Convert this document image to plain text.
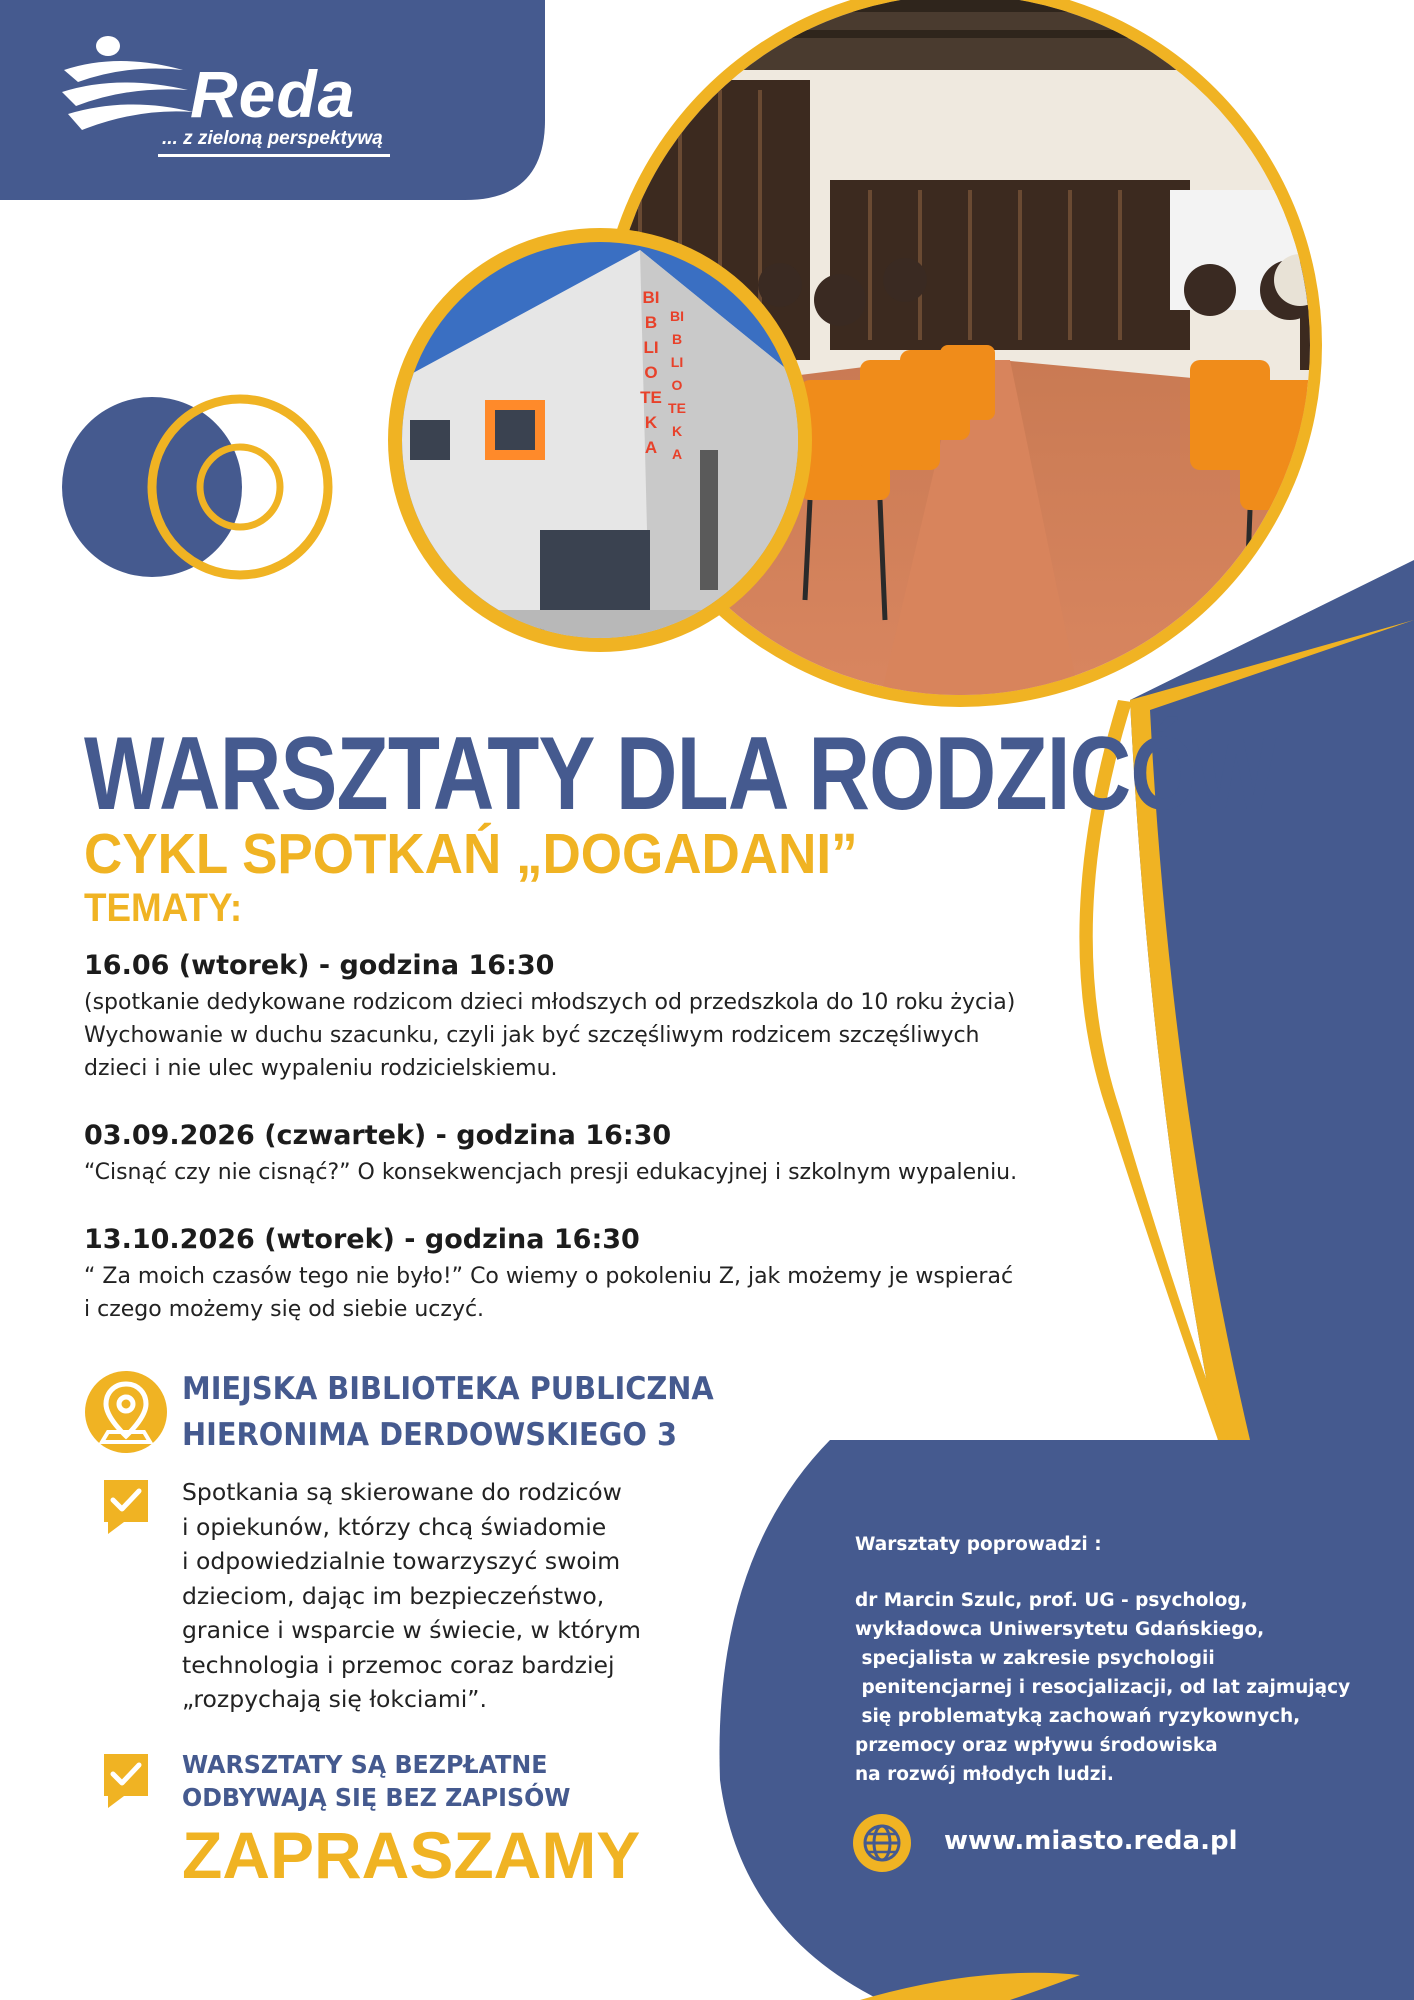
BIBLIOTEKA
BIBLIOTEKA
Reda
... z zieloną perspektywą
WARSZTATY DLA RODZICÓW
CYKL SPOTKAŃ „DOGADANI”
TEMATY:
16.06 (wtorek) - godzina 16:30
(spotkanie dedykowane rodzicom dzieci młodszych od przedszkola do 10 roku życia)
Wychowanie w duchu szacunku, czyli jak być szczęśliwym rodzicem szczęśliwych
dzieci i nie ulec wypaleniu rodzicielskiemu.
03.09.2026 (czwartek) - godzina 16:30
“Cisnąć czy nie cisnąć?” O konsekwencjach presji edukacyjnej i szkolnym wypaleniu.
13.10.2026 (wtorek) - godzina 16:30
“ Za moich czasów tego nie było!” Co wiemy o pokoleniu Z, jak możemy je wspierać
i czego możemy się od siebie uczyć.
MIEJSKA BIBLIOTEKA PUBLICZNA
HIERONIMA DERDOWSKIEGO 3
Spotkania są skierowane do rodziców
i opiekunów, którzy chcą świadomie
i odpowiedzialnie towarzyszyć swoim
dzieciom, dając im bezpieczeństwo,
granice i wsparcie w świecie, w którym
technologia i przemoc coraz bardziej
„rozpychają się łokciami”.
WARSZTATY SĄ BEZPŁATNE
ODBYWAJĄ SIĘ BEZ ZAPISÓW
ZAPRASZAMY
Warsztaty poprowadzi :
dr Marcin Szulc, prof. UG - psycholog,
wykładowca Uniwersytetu Gdańskiego,
specjalista w zakresie psychologii
penitencjarnej i resocjalizacji, od lat zajmujący
się problematyką zachowań ryzykownych,
przemocy oraz wpływu środowiska
na rozwój młodych ludzi.
www.miasto.reda.pl
